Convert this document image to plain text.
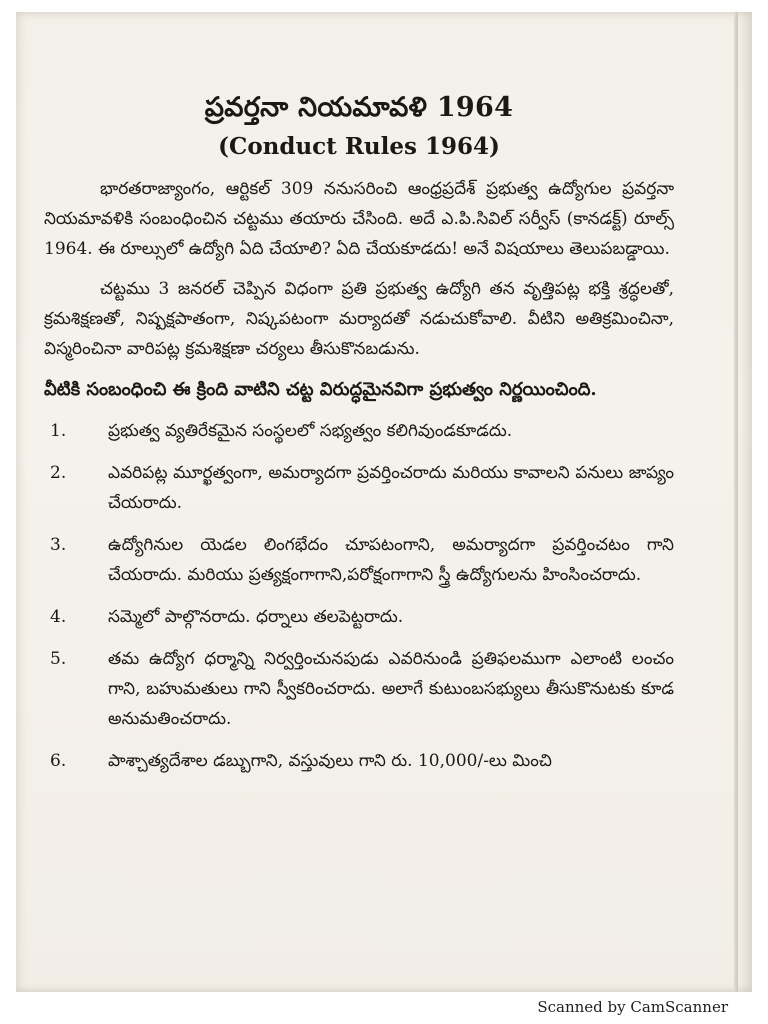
ప్రవర్తనా నియమావళి 1964
(Conduct Rules 1964)

భారతరాజ్యాంగం, ఆర్టికల్ 309 ననుసరించి ఆంధ్రప్రదేశ్ ప్రభుత్వ ఉద్యోగుల ప్రవర్తనా నియమావళికి సంబంధించిన చట్టము తయారు చేసింది. అదే ఎ.పి.సివిల్ సర్వీస్ (కానడక్ట్) రూల్స్ 1964. ఈ రూల్సులో ఉద్యోగి ఏది చేయాలి? ఏది చేయకూడదు! అనే విషయాలు తెలుపబడ్డాయి.

చట్టము 3 జనరల్ చెప్పిన విధంగా ప్రతి ప్రభుత్వ ఉద్యోగి తన వృత్తిపట్ల భక్తి శ్రద్ధలతో, క్రమశిక్షణతో, నిష్పక్షపాతంగా, నిష్కపటంగా మర్యాదతో నడుచుకోవాలి. వీటిని అతిక్రమించినా, విస్మరించినా వారిపట్ల క్రమశిక్షణా చర్యలు తీసుకొనబడును.

వీటికి సంబంధించి ఈ క్రింది వాటిని చట్ట విరుద్ధమైనవిగా ప్రభుత్వం నిర్ణయించింది.

1.	ప్రభుత్వ వ్యతిరేకమైన సంస్థలలో సభ్యత్వం కలిగివుండకూడదు.
2.	ఎవరిపట్ల మూర్ఖత్వంగా, అమర్యాదగా ప్రవర్తించరాదు మరియు కావాలని పనులు జాప్యం చేయరాదు.
3.	ఉద్యోగినుల యెడల లింగభేదం చూపటంగాని, అమర్యాదగా ప్రవర్తించటం గాని చేయరాదు. మరియు ప్రత్యక్షంగాగాని,పరోక్షంగాగాని స్త్రీ ఉద్యోగులను హింసించరాదు.
4.	సమ్మెలో పాల్గొనరాదు. ధర్నాలు తలపెట్టరాదు.
5.	తమ ఉద్యోగ ధర్మాన్ని నిర్వర్తించునపుడు ఎవరినుండి ప్రతిఫలముగా ఎలాంటి లంచం గాని, బహుమతులు గాని స్వీకరించరాదు. అలాగే కుటుంబసభ్యులు తీసుకొనుటకు కూడ అనుమతించరాదు.
6.	పాశ్చాత్యదేశాల డబ్బుగాని, వస్తువులు గాని రు. 10,000/-లు మించి
Scanned by CamScanner
